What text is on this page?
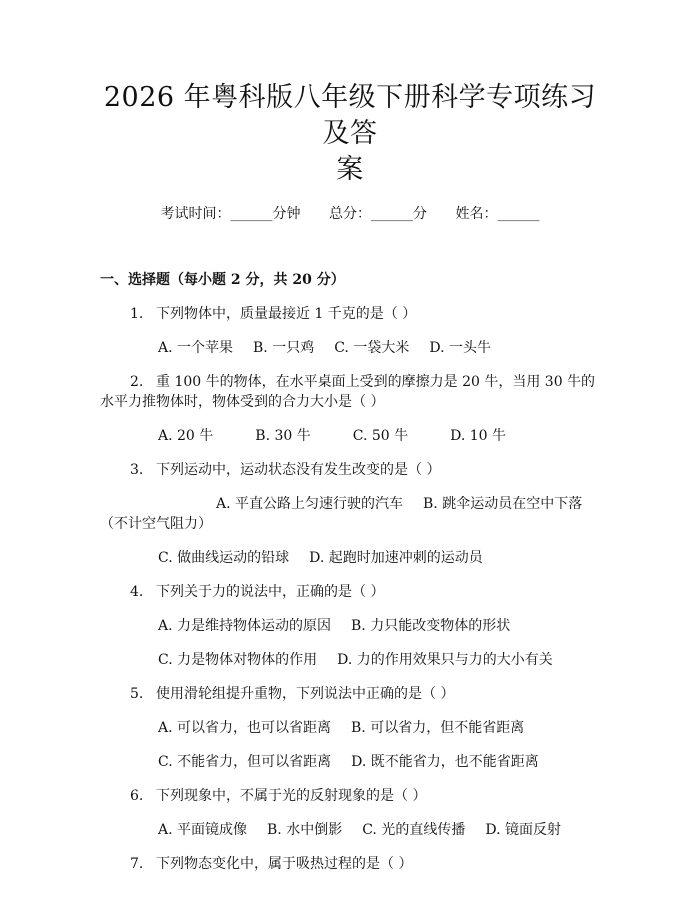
2026 年粤科版八年级下册科学专项练习及答
案
考试时间：______分钟 总分：______分 姓名：______
一、选择题（每小题 2 分，共 20 分）
1. 下列物体中，质量最接近 1 千克的是（ ）
A. 一个苹果 B. 一只鸡 C. 一袋大米 D. 一头牛
2. 重 100 牛的物体，在水平桌面上受到的摩擦力是 20 牛，当用 30 牛的水平力推物体时，物体受到的合力大小是（ ）
A. 20 牛	B. 30 牛	C. 50 牛	D. 10 牛
3. 下列运动中，运动状态没有发生改变的是（ ）
A. 平直公路上匀速行驶的汽车 B. 跳伞运动员在空中下落（不计空气阻力）
C. 做曲线运动的铅球 D. 起跑时加速冲刺的运动员
4. 下列关于力的说法中，正确的是（ ）
A. 力是维持物体运动的原因 B. 力只能改变物体的形状
C. 力是物体对物体的作用 D. 力的作用效果只与力的大小有关
5. 使用滑轮组提升重物，下列说法中正确的是（ ）
A. 可以省力，也可以省距离 B. 可以省力，但不能省距离
C. 不能省力，但可以省距离 D. 既不能省力，也不能省距离
6. 下列现象中，不属于光的反射现象的是（ ）
A. 平面镜成像 B. 水中倒影 C. 光的直线传播 D. 镜面反射
7. 下列物态变化中，属于吸热过程的是（ ）
